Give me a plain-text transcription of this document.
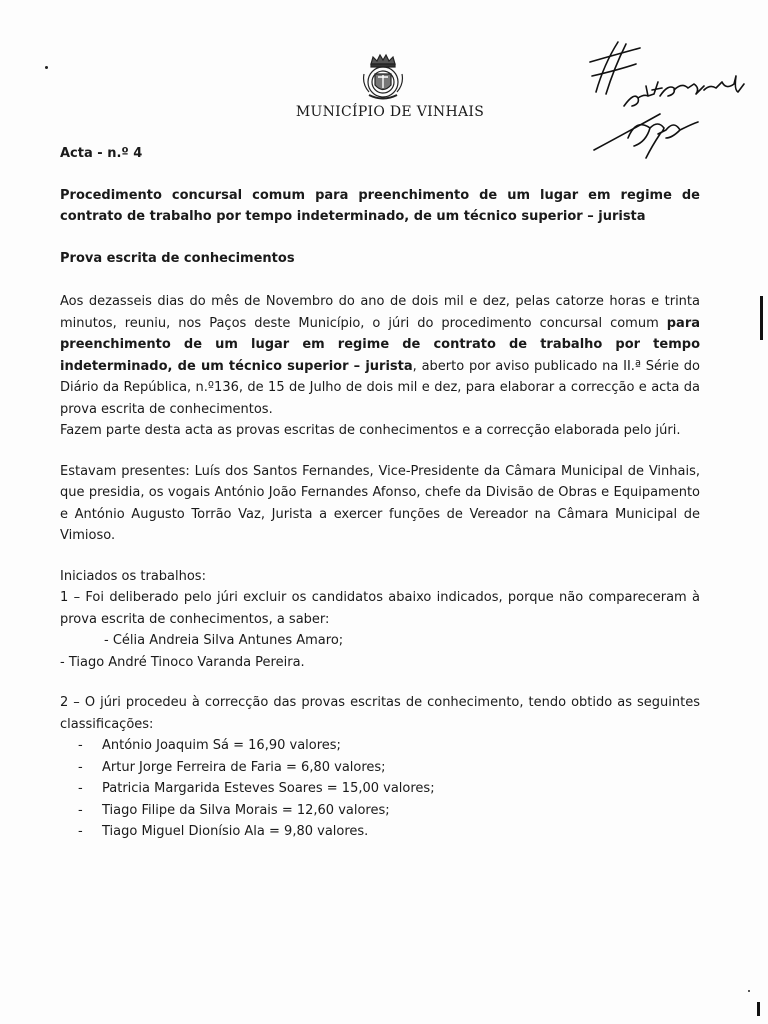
MUNICÍPIO DE VINHAIS

Acta - n.º 4

Procedimento concursal comum para preenchimento de um lugar em regime de contrato de trabalho por tempo indeterminado, de um técnico superior – jurista

Prova escrita de conhecimentos

Aos dezasseis dias do mês de Novembro do ano de dois mil e dez, pelas catorze horas e trinta minutos, reuniu, nos Paços deste Município, o júri do procedimento concursal comum para preenchimento de um lugar em regime de contrato de trabalho por tempo indeterminado, de um técnico superior – jurista, aberto por aviso publicado na II.ª Série do Diário da República, n.º136, de 15 de Julho de dois mil e dez, para elaborar a correcção e acta da prova escrita de conhecimentos.

Fazem parte desta acta as provas escritas de conhecimentos e a correcção elaborada pelo júri.

Estavam presentes: Luís dos Santos Fernandes, Vice-Presidente da Câmara Municipal de Vinhais, que presidia, os vogais António João Fernandes Afonso, chefe da Divisão de Obras e Equipamento e António Augusto Torrão Vaz, Jurista a exercer funções de Vereador na Câmara Municipal de Vimioso.

Iniciados os trabalhos:

1 – Foi deliberado pelo júri excluir os candidatos abaixo indicados, porque não compareceram à prova escrita de conhecimentos, a saber:

- Célia Andreia Silva Antunes Amaro;

- Tiago André Tinoco Varanda Pereira.

2 – O júri procedeu à correcção das provas escritas de conhecimento, tendo obtido as seguintes classificações:

- António Joaquim Sá = 16,90 valores;
- Artur Jorge Ferreira de Faria = 6,80 valores;
- Patricia Margarida Esteves Soares = 15,00 valores;
- Tiago Filipe da Silva Morais = 12,60 valores;
- Tiago Miguel Dionísio Ala = 9,80 valores.
